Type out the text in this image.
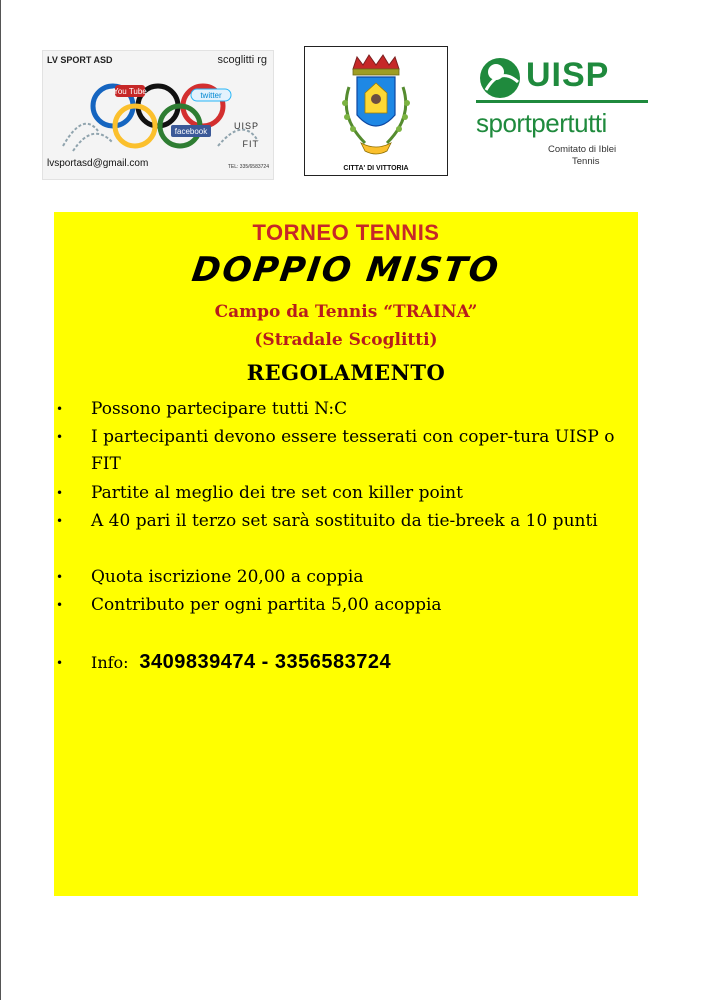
You Tube	twitter
facebook
LV SPORT ASD	scoglitti rg
UISP
FIT
lvsportasd@gmail.com	TEL: 335/6583724	CITTA' DI VITTORIA
UISP
sportpertutti
Comitato di Iblei
Tennis
TORNEO TENNIS
DOPPIO MISTO
Campo da Tennis “TRAINA”
(Stradale Scoglitti)
REGOLAMENTO
• Possono partecipare tutti N:C
• I partecipanti devono essere tesserati con coper-tura UISP o FIT
• Partite al meglio dei tre set con killer point
• A 40 pari il terzo set sarà sostituito da tie-breek a 10 punti
• Quota iscrizione 20,00 a coppia
• Contributo per ogni partita 5,00 acoppia
• Info: 3409839474 - 3356583724
